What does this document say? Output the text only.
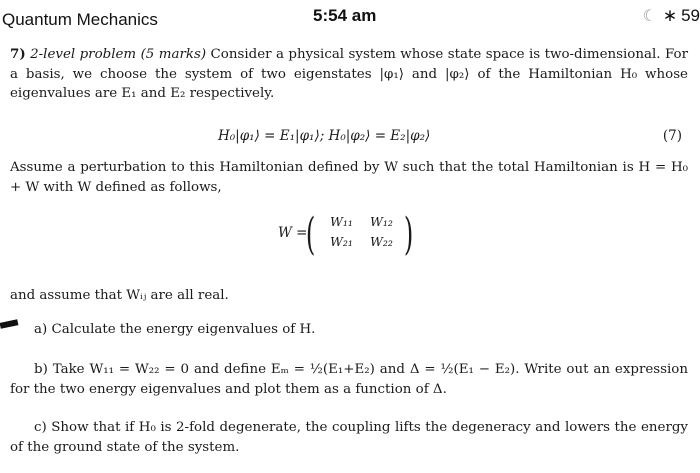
Quantum Mechanics	5:54 am	☾ ∗ 59
7) 2-level problem (5 marks) Consider a physical system whose state space is two-dimensional. For a basis, we choose the system of two eigenstates |φ₁⟩ and |φ₂⟩ of the Hamiltonian H₀ whose eigenvalues are E₁ and E₂ respectively.
H₀|φ₁⟩ = E₁|φ₁⟩; H₀|φ₂⟩ = E₂|φ₂⟩	(7)
Assume a perturbation to this Hamiltonian defined by W such that the total Hamiltonian is H = H₀ + W with W defined as follows,
W =
( W₁₁ W₁₂
W₂₁ W₂₂ )
and assume that Wᵢⱼ are all real.
a) Calculate the energy eigenvalues of H.
b) Take W₁₁ = W₂₂ = 0 and define Eₘ = ½(E₁+E₂) and Δ = ½(E₁ − E₂). Write out an expression for the two energy eigenvalues and plot them as a function of Δ.
c) Show that if H₀ is 2-fold degenerate, the coupling lifts the degeneracy and lowers the energy of the ground state of the system.
